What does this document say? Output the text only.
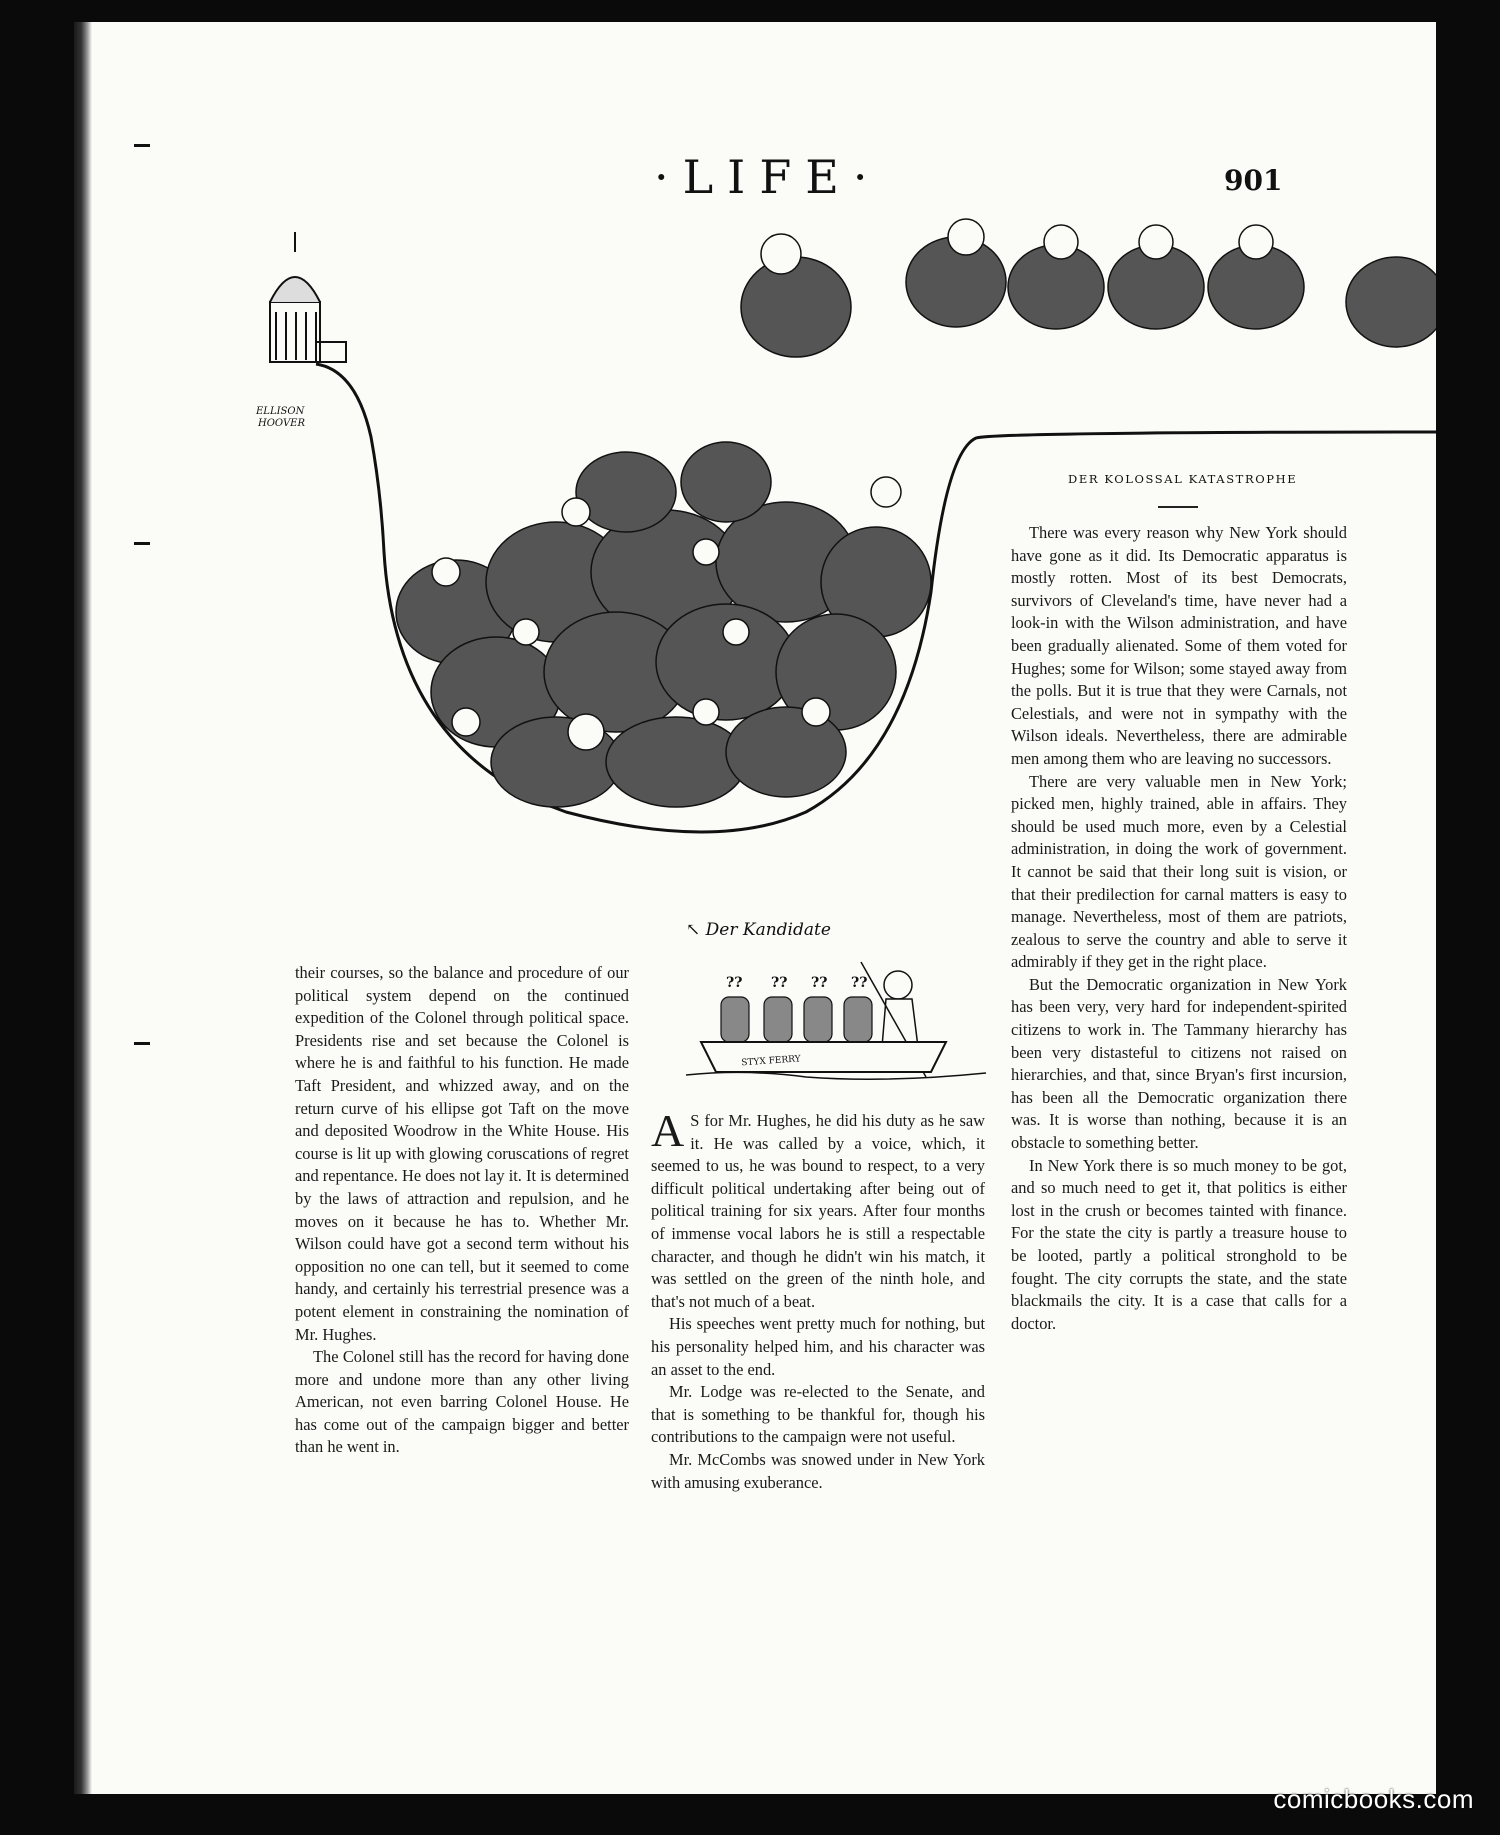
·LIFE·	901
ELLISON
HOOVER
DER KOLOSSAL KATASTROPHE
↖ Der Kandidate
?? ?? ?? ??
STYX FERRY

their courses, so the balance and procedure of our political system depend on the continued expedition of the Colonel through political space. Presidents rise and set because the Colonel is where he is and faithful to his function. He made Taft President, and whizzed away, and on the return curve of his ellipse got Taft on the move and deposited Woodrow in the White House. His course is lit up with glowing coruscations of regret and repentance. He does not lay it. It is determined by the laws of attraction and repulsion, and he moves on it because he has to. Whether Mr. Wilson could have got a second term without his opposition no one can tell, but it seemed to come handy, and certainly his terrestrial presence was a potent element in constraining the nomination of Mr. Hughes.

The Colonel still has the record for having done more and undone more than any other living American, not even barring Colonel House. He has come out of the campaign bigger and better than he went in.

A S for Mr. Hughes, he did his duty as he saw it. He was called by a voice, which, it seemed to us, he was bound to respect, to a very difficult political undertaking after being out of political training for six years. After four months of immense vocal labors he is still a respectable character, and though he didn't win his match, it was settled on the green of the ninth hole, and that's not much of a beat.

His speeches went pretty much for nothing, but his personality helped him, and his character was an asset to the end.

Mr. Lodge was re-elected to the Senate, and that is something to be thankful for, though his contributions to the campaign were not useful.

Mr. McCombs was snowed under in New York with amusing exuberance.

There was every reason why New York should have gone as it did. Its Democratic apparatus is mostly rotten. Most of its best Democrats, survivors of Cleveland's time, have never had a look-in with the Wilson administration, and have been gradually alienated. Some of them voted for Hughes; some for Wilson; some stayed away from the polls. But it is true that they were Carnals, not Celestials, and were not in sympathy with the Wilson ideals. Nevertheless, there are admirable men among them who are leaving no successors.

There are very valuable men in New York; picked men, highly trained, able in affairs. They should be used much more, even by a Celestial administration, in doing the work of government. It cannot be said that their long suit is vision, or that their predilection for carnal matters is easy to manage. Nevertheless, most of them are patriots, zealous to serve the country and able to serve it admirably if they get in the right place.

But the Democratic organization in New York has been very, very hard for independent-spirited citizens to work in. The Tammany hierarchy has been very distasteful to citizens not raised on hierarchies, and that, since Bryan's first incursion, has been all the Democratic organization there was. It is worse than nothing, because it is an obstacle to something better.

In New York there is so much money to be got, and so much need to get it, that politics is either lost in the crush or becomes tainted with finance. For the state the city is partly a treasure house to be looted, partly a political stronghold to be fought. The city corrupts the state, and the state blackmails the city. It is a case that calls for a doctor.

comicbooks.com
